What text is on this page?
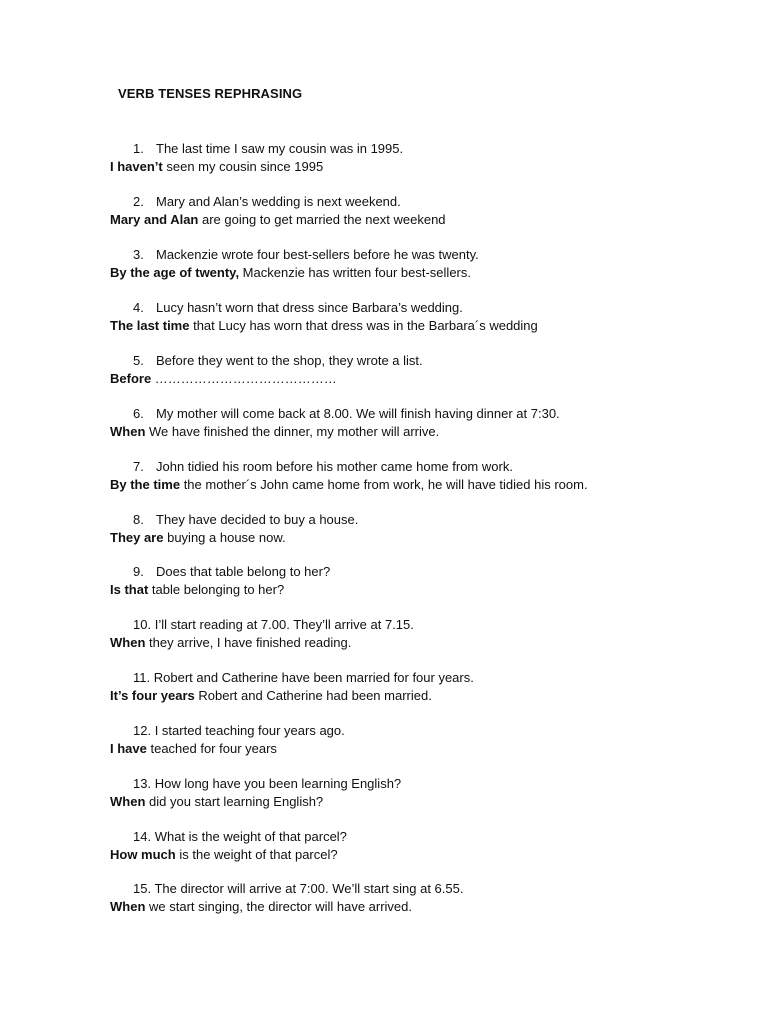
VERB TENSES REPHRASING
1. The last time I saw my cousin was in 1995.
I haven’t seen my cousin since 1995
2. Mary and Alan’s wedding is next weekend.
Mary and Alan are going to get married the next weekend
3. Mackenzie wrote four best-sellers before he was twenty.
By the age of twenty, Mackenzie has written four best-sellers.
4. Lucy hasn’t worn that dress since Barbara’s wedding.
The last time that Lucy has worn that dress was in the Barbara´s wedding
5. Before they went to the shop, they wrote a list.
Before ……………………………………
6. My mother will come back at 8.00. We will finish having dinner at 7:30.
When We have finished the dinner, my mother will arrive.
7. John tidied his room before his mother came home from work.
By the time the mother´s John came home from work, he will have tidied his room.
8. They have decided to buy a house.
They are buying a house now.
9. Does that table belong to her?
Is that table belonging to her?
10. I’ll start reading at 7.00. They’ll arrive at 7.15.
When they arrive, I have finished reading.
11. Robert and Catherine have been married for four years.
It’s four years Robert and Catherine had been married.
12. I started teaching four years ago.
I have teached for four years
13. How long have you been learning English?
When did you start learning English?
14. What is the weight of that parcel?
How much is the weight of that parcel?
15. The director will arrive at 7:00. We’ll start sing at 6.55.
When we start singing, the director will have arrived.
